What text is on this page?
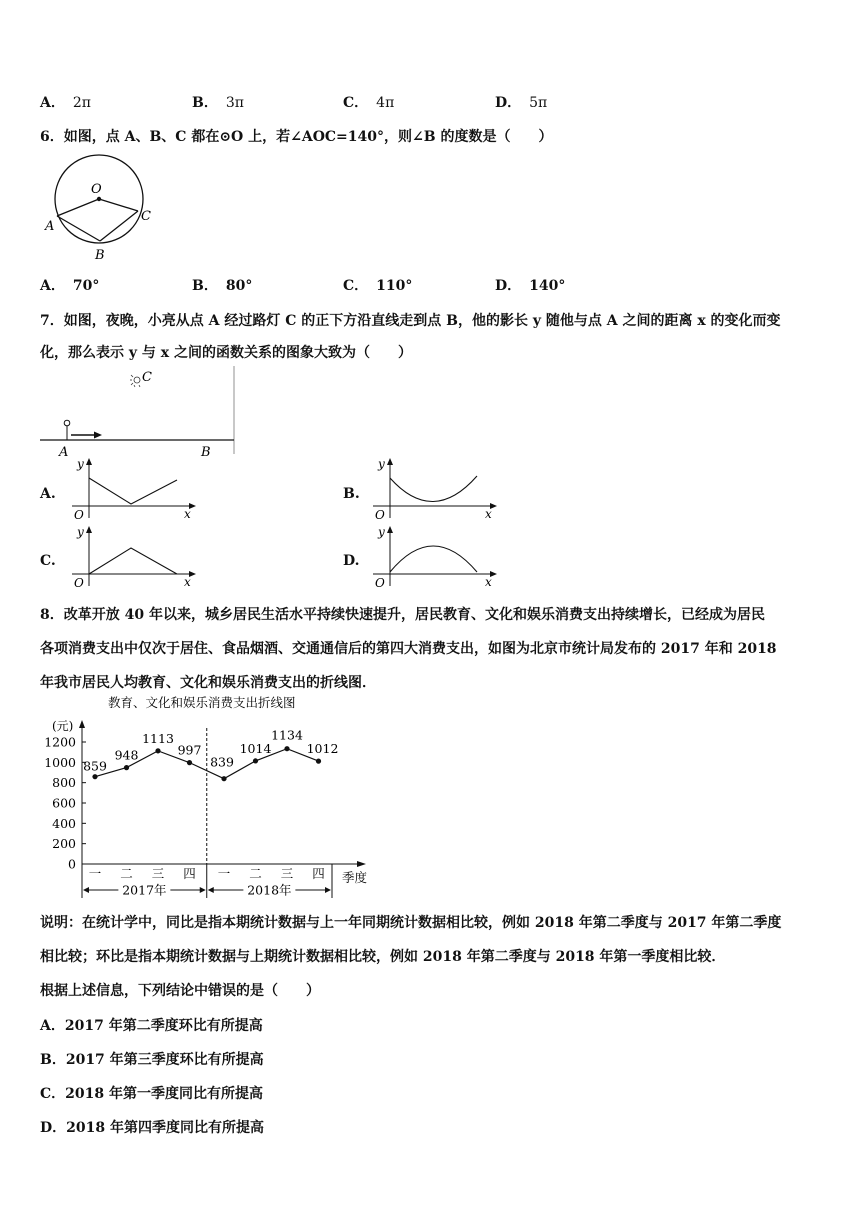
A． 2π	B． 3π	C． 4π	D． 5π
6．如图，点 A、B、C 都在⊙O 上，若∠AOC=140°，则∠B 的度数是（　　）
O
A
B
C
A． 70°	B． 80°	C． 110°	D． 140°
7．如图，夜晚，小亮从点 A 经过路灯 C 的正下方沿直线走到点 B，他的影长 y 随他与点 A 之间的距离 x 的变化而变
化，那么表示 y 与 x 之间的函数关系的图象大致为（　　）
C
A	B
A.
y
O	x
B.
y
O	x
C.
y
O	x
D.
y
O	x
8．改革开放 40 年以来，城乡居民生活水平持续快速提升，居民教育、文化和娱乐消费支出持续增长，已经成为居民
各项消费支出中仅次于居住、食品烟酒、交通通信后的第四大消费支出，如图为北京市统计局发布的 2017 年和 2018
年我市居民人均教育、文化和娱乐消费支出的折线图．
教育、文化和娱乐消费支出折线图
(元)
季度
0
200
400
600
800
1000
1200
一 二 三 四 一 二 三 四
2017年	2018年
859
948
1113
997
839
1014
1134
1012
说明：在统计学中，同比是指本期统计数据与上一年同期统计数据相比较，例如 2018 年第二季度与 2017 年第二季度
相比较；环比是指本期统计数据与上期统计数据相比较，例如 2018 年第二季度与 2018 年第一季度相比较．
根据上述信息，下列结论中错误的是（　　）
A．2017 年第二季度环比有所提高
B．2017 年第三季度环比有所提高
C．2018 年第一季度同比有所提高
D．2018 年第四季度同比有所提高
